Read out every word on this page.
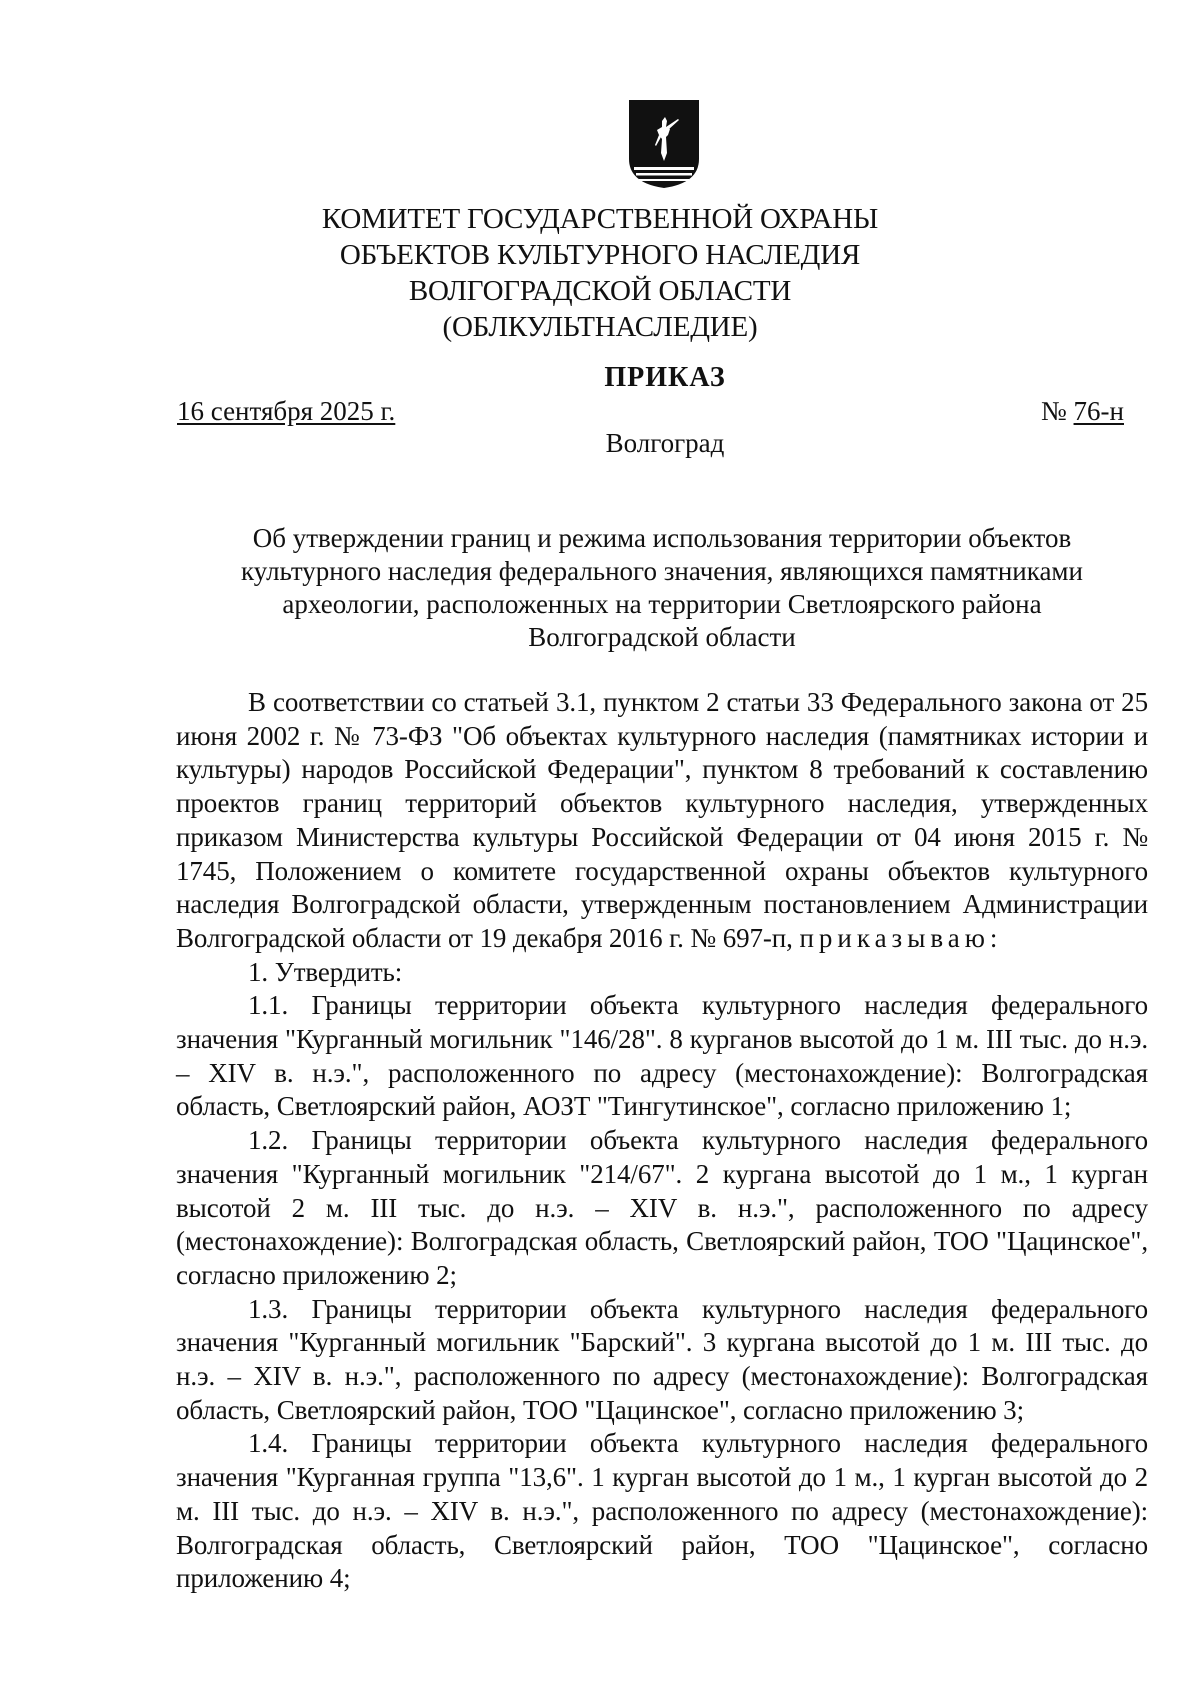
КОМИТЕТ ГОСУДАРСТВЕННОЙ ОХРАНЫ
ОБЪЕКТОВ КУЛЬТУРНОГО НАСЛЕДИЯ
ВОЛГОГРАДСКОЙ ОБЛАСТИ
(ОБЛКУЛЬТНАСЛЕДИЕ)
ПРИКАЗ
16 сентября 2025 г.	№ 76-н
Волгоград
Об утверждении границ и режима использования территории объектов
культурного наследия федерального значения, являющихся памятниками
археологии, расположенных на территории Светлоярского района
Волгоградской области

В соответствии со статьей 3.1, пунктом 2 статьи 33 Федерального закона от 25 июня 2002 г. № 73-ФЗ "Об объектах культурного наследия (памятниках истории и культуры) народов Российской Федерации", пунктом 8 требований к составлению проектов границ территорий объектов культурного наследия, утвержденных приказом Министерства культуры Российской Федерации от 04 июня 2015 г. № 1745, Положением о комитете государственной охраны объектов культурного наследия Волгоградской области, утвержденным постановлением Администрации Волгоградской области от 19 декабря 2016 г. № 697-п, приказываю:

1. Утвердить:

1.1. Границы территории объекта культурного наследия федерального значения "Курганный могильник "146/28". 8 курганов высотой до 1 м. III тыс. до н.э. – XIV в. н.э.", расположенного по адресу (местонахождение): Волгоградская область, Светлоярский район, АОЗТ "Тингутинское", согласно приложению 1;

1.2. Границы территории объекта культурного наследия федерального значения "Курганный могильник "214/67". 2 кургана высотой до 1 м., 1 курган высотой 2 м. III тыс. до н.э. – XIV в. н.э.", расположенного по адресу (местонахождение): Волгоградская область, Светлоярский район, ТОО "Цацинское", согласно приложению 2;

1.3. Границы территории объекта культурного наследия федерального значения "Курганный могильник "Барский". 3 кургана высотой до 1 м. III тыс. до н.э. – XIV в. н.э.", расположенного по адресу (местонахождение): Волгоградская область, Светлоярский район, ТОО "Цацинское", согласно приложению 3;

1.4. Границы территории объекта культурного наследия федерального значения "Курганная группа "13,6". 1 курган высотой до 1 м., 1 курган высотой до 2 м. III тыс. до н.э. – XIV в. н.э.", расположенного по адресу (местонахождение): Волгоградская область, Светлоярский район, ТОО "Цацинское", согласно приложению 4;
